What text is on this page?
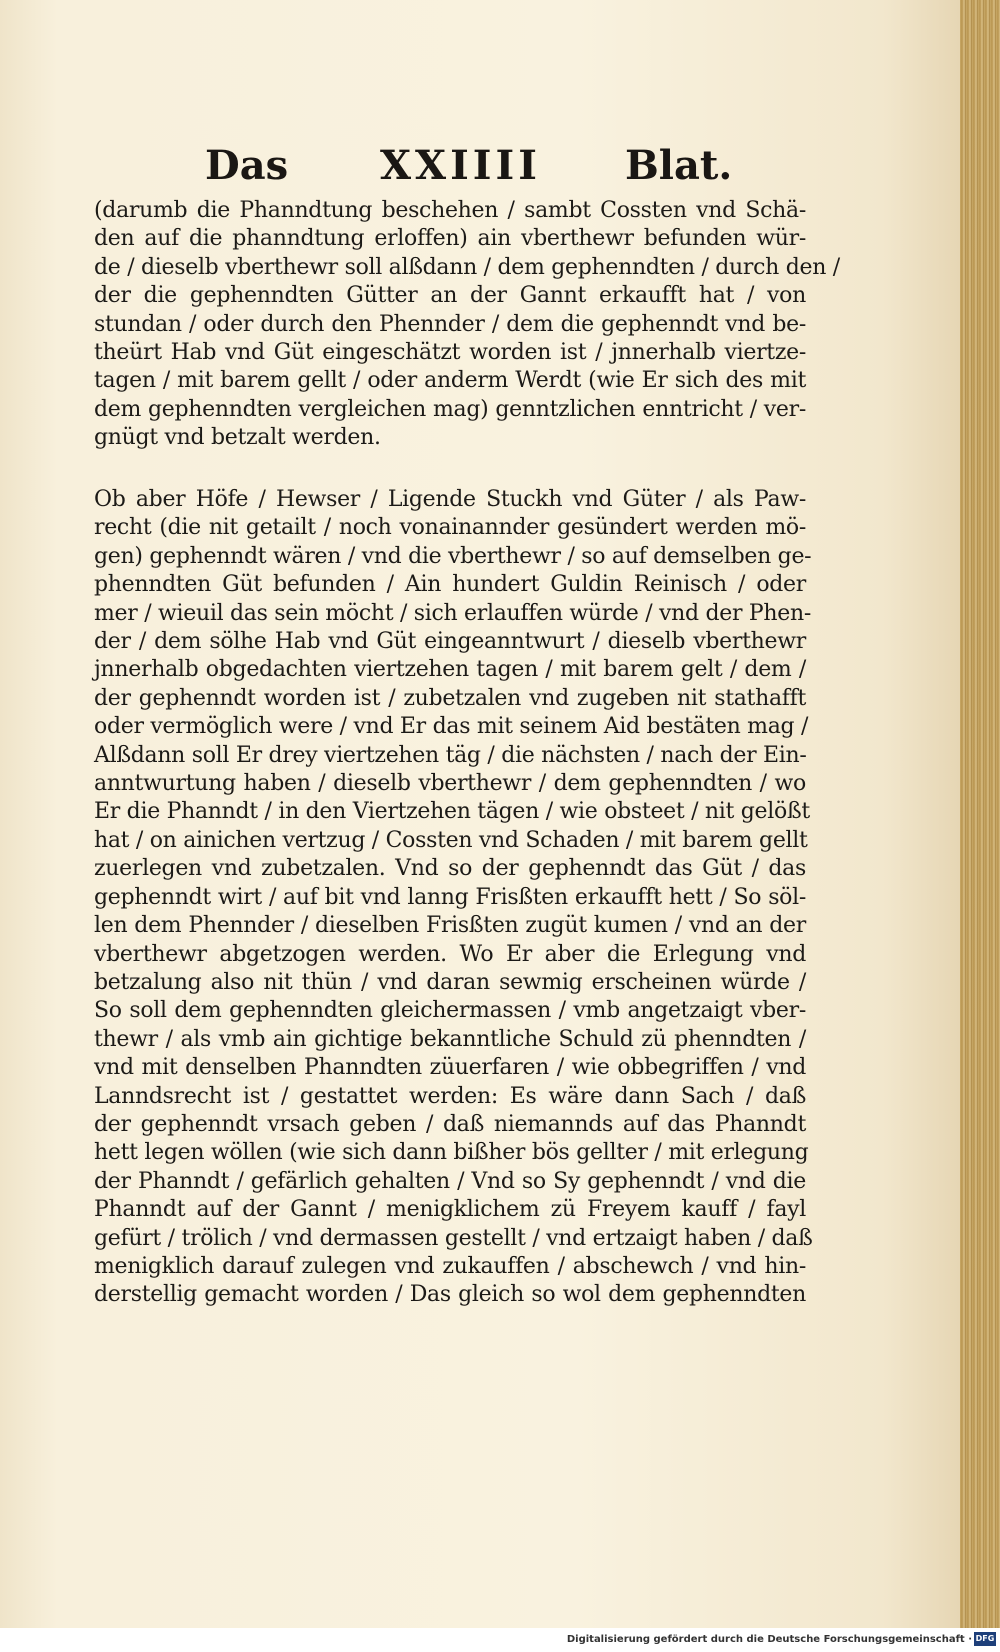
Das XXIIII Blat.
(darumb die Phanndtung beschehen / sambt Cossten vnd Schä-
den auf die phanndtung erloffen) ain vberthewr befunden wür-
de / dieselb vberthewr soll alßdann / dem gephenndten / durch den /
der die gephenndten Gütter an der Gannt erkaufft hat / von
stundan / oder durch den Phennder / dem die gephenndt vnd be-
theürt Hab vnd Güt eingeschätzt worden ist / jnnerhalb viertze-
tagen / mit barem gellt / oder anderm Werdt (wie Er sich des mit
dem gephenndten vergleichen mag) genntzlichen enntricht / ver-
gnügt vnd betzalt werden.
Ob aber Höfe / Hewser / Ligende Stuckh vnd Güter / als Paw-
recht (die nit getailt / noch vonainannder gesündert werden mö-
gen) gephenndt wären / vnd die vberthewr / so auf demselben ge-
phenndten Güt befunden / Ain hundert Guldin Reinisch / oder
mer / wieuil das sein möcht / sich erlauffen würde / vnd der Phen-
der / dem sölhe Hab vnd Güt eingeanntwurt / dieselb vberthewr
jnnerhalb obgedachten viertzehen tagen / mit barem gelt / dem /
der gephenndt worden ist / zubetzalen vnd zugeben nit stathafft
oder vermöglich were / vnd Er das mit seinem Aid bestäten mag /
Alßdann soll Er drey viertzehen täg / die nächsten / nach der Ein-
anntwurtung haben / dieselb vberthewr / dem gephenndten / wo
Er die Phanndt / in den Viertzehen tägen / wie obsteet / nit gelößt
hat / on ainichen vertzug / Cossten vnd Schaden / mit barem gellt
zuerlegen vnd zubetzalen. Vnd so der gephenndt das Güt / das
gephenndt wirt / auf bit vnd lanng Frisßten erkaufft hett / So söl-
len dem Phennder / dieselben Frisßten zugüt kumen / vnd an der
vberthewr abgetzogen werden. Wo Er aber die Erlegung vnd
betzalung also nit thün / vnd daran sewmig erscheinen würde /
So soll dem gephenndten gleichermassen / vmb angetzaigt vber-
thewr / als vmb ain gichtige bekanntliche Schuld zü phenndten /
vnd mit denselben Phanndten züuerfaren / wie obbegriffen / vnd
Lanndsrecht ist / gestattet werden: Es wäre dann Sach / daß
der gephenndt vrsach geben / daß niemannds auf das Phanndt
hett legen wöllen (wie sich dann bißher bös gellter / mit erlegung
der Phanndt / gefärlich gehalten / Vnd so Sy gephenndt / vnd die
Phanndt auf der Gannt / menigklichem zü Freyem kauff / fayl
gefürt / trölich / vnd dermassen gestellt / vnd ertzaigt haben / daß
menigklich darauf zulegen vnd zukauffen / abschewch / vnd hin-
derstellig gemacht worden / Das gleich so wol dem gephenndten
Digitalisierung gefördert durch die Deutsche Forschungsgemeinschaft · DFG
